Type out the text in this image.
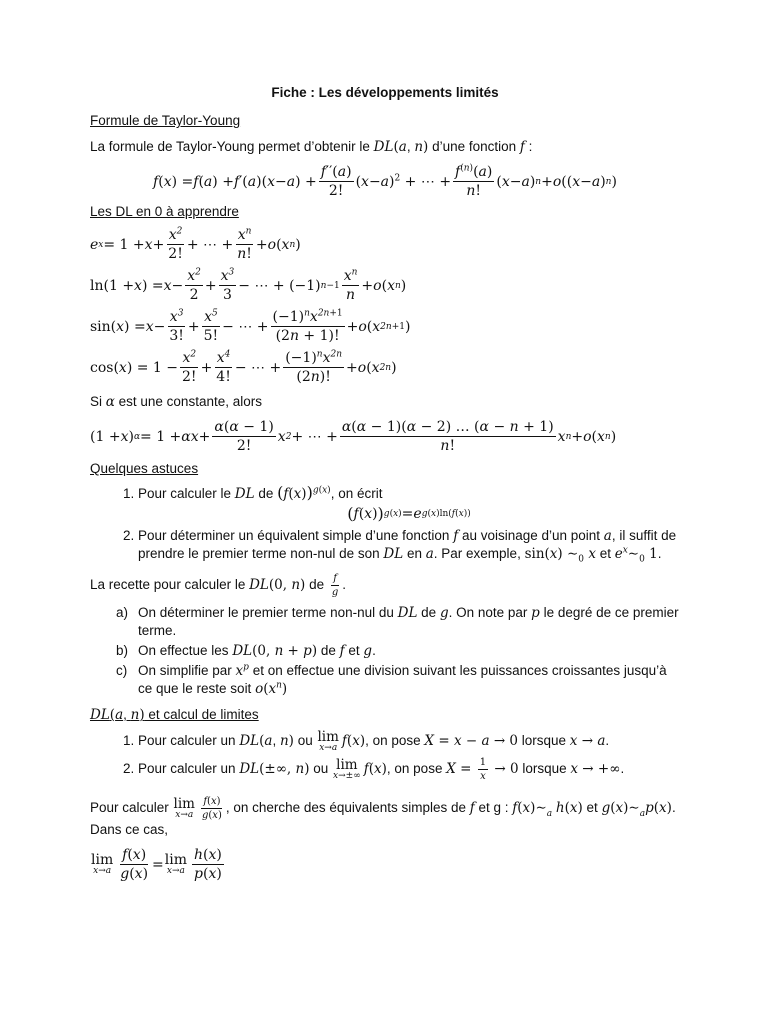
Fiche : Les développements limités

Formule de Taylor-Young

La formule de Taylor-Young permet d’obtenir le DL(a, n) d’une fonction f :

f ( x ) = f ( a ) + f ′( a )( x − a ) + $\frac{f''(a)}{2!}$ ( x − a )$^2$ + ⋯ + $\frac{f^{(n)}(a)}{n!}$ ( x − a ) n + o (( x − a ) n )

Les DL en 0 à apprendre

e $x = 1 + x + \frac{x^2}{2!}$ + ⋯ + $\frac{x^n}{n!} + o$ ( x n )
ln(1 + x ) = $x - \frac{x^2}{2} + \frac{x^3}{3}$ − ⋯ + (−1) $n-1 \frac{x^n}{n} + o$ ( x n )
sin( x ) = $x - \frac{x^3}{3!} + \frac{x^5}{5!}$ − ⋯ + $\frac{(-1)^nx^{2n+1}}{(2n + 1)!} + o$ ( x 2n+1 )
cos( x ) = $1 - \frac{x^2}{2!} + \frac{x^4}{4!}$ − ⋯ + $\frac{(-1)^nx^{2n}}{(2n)!} + o$ ( x 2n )

Si α est une constante, alors

(1 + x ) $\alpha = 1 + \alpha x + \frac{\alpha(\alpha - 1)}{2!}$ x 2 + ⋯ + $\frac{\alpha(\alpha - 1)(\alpha - 2) \dots (\alpha - n + 1)}{n!}$ x n + o ( x n )

Quelques astuces

1. Pour calculer le DL de $(f(x))^{g(x)}$, on écrit
( f ( x ) ) g(x) = e g(x)ln(f(x))
2. Pour déterminer un équivalent simple d’une fonction f au voisinage d’un point a, il suffit de prendre le premier terme non-nul de son DL en a. Par exemple, sin(x) $\sim_0$ x et $e^x\sim_0$ 1.

La recette pour calculer le DL(0, n) de $\frac{f}{g}$ .

a) On déterminer le premier terme non-nul du DL de g. On note par p le degré de ce premier terme.
b) On effectue les DL(0, n + p) de f et g.
c) On simplifie par $x^p$ et on effectue une division suivant les puissances croissantes jusqu’à ce que le reste soit $o(x^n)$

DL(a, n) et calcul de limites

1. Pour calculer un DL(a, n) ou lim
x→a f(x), on pose X = x − a → 0 lorsque x → a.
2. Pour calculer un DL(±∞, n) ou lim
x→±∞ f(x), on pose $X = \frac{1}{x} \to 0$ lorsque x → +∞.

Pour calculer lim
$x\to a \frac{f(x)}{g(x)}$ , on cherche des équivalents simples de f et g : $f(x)\sim_a$ h(x) et $g(x)\sim_ap(x)$.

Dans ce cas,

lim
$x\to a \frac{f(x)}{g(x)} = \lim$
$x\to a \frac{h(x)}{p(x)}$
